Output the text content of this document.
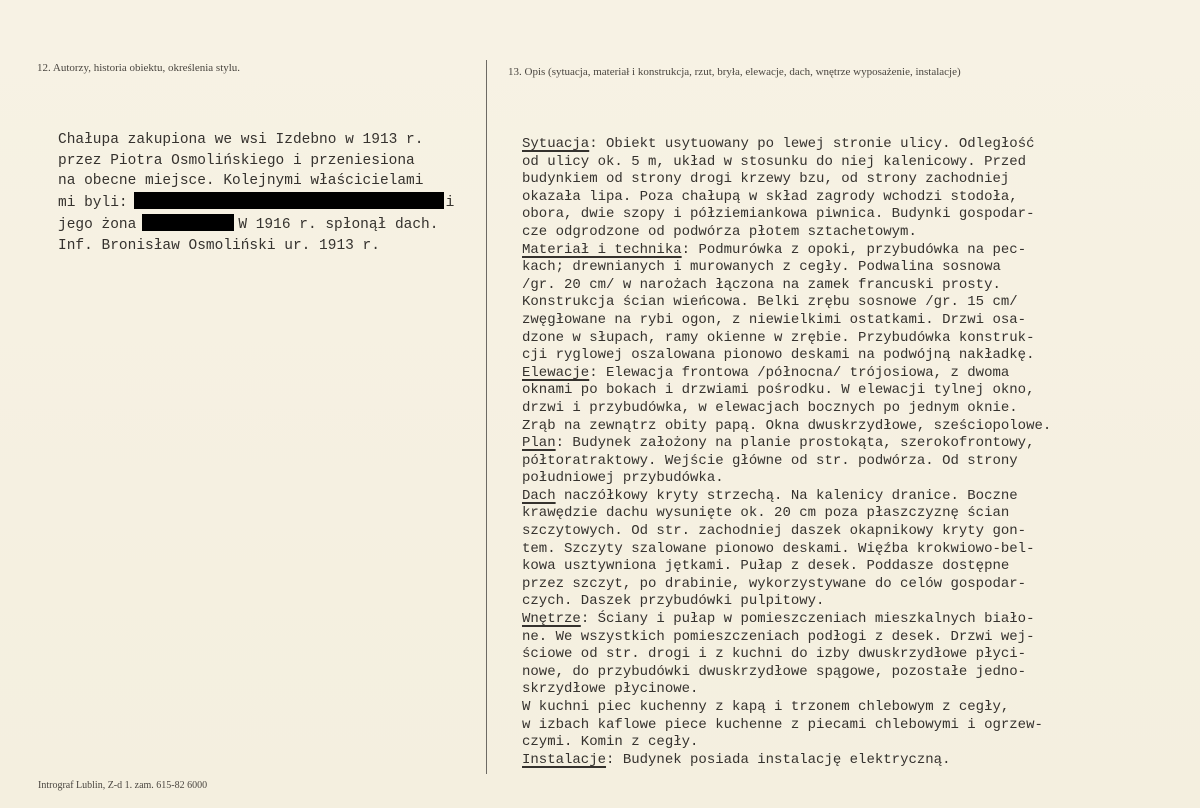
12. Autorzy, historia obiektu, określenia stylu.	13. Opis (sytuacja, materiał i konstrukcja, rzut, bryła, elewacje, dach, wnętrze wyposażenie, instalacje)
Chałupa zakupiona we wsi Izdebno w 1913 r.
przez Piotra Osmolińskiego i przeniesiona
na obecne miejsce. Kolejnymi właścicielami
mi byli:	i
jego żona	W 1916 r. spłonął dach.
Inf. Bronisław Osmoliński ur. 1913 r.
Sytuacja: Obiekt usytuowany po lewej stronie ulicy. Odległość
od ulicy ok. 5 m, układ w stosunku do niej kalenicowy. Przed
budynkiem od strony drogi krzewy bzu, od strony zachodniej
okazała lipa. Poza chałupą w skład zagrody wchodzi stodoła,
obora, dwie szopy i półziemiankowa piwnica. Budynki gospodar-
cze odgrodzone od podwórza płotem sztachetowym.
Materiał i technika: Podmurówka z opoki, przybudówka na pec-
kach; drewnianych i murowanych z cegły. Podwalina sosnowa
/gr. 20 cm/ w narożach łączona na zamek francuski prosty.
Konstrukcja ścian wieńcowa. Belki zrębu sosnowe /gr. 15 cm/
zwęgłowane na rybi ogon, z niewielkimi ostatkami. Drzwi osa-
dzone w słupach, ramy okienne w zrębie. Przybudówka konstruk-
cji ryglowej oszalowana pionowo deskami na podwójną nakładkę.
Elewacje: Elewacja frontowa /północna/ trójosiowa, z dwoma
oknami po bokach i drzwiami pośrodku. W elewacji tylnej okno,
drzwi i przybudówka, w elewacjach bocznych po jednym oknie.
Zrąb na zewnątrz obity papą. Okna dwuskrzydłowe, sześciopolowe.
Plan: Budynek założony na planie prostokąta, szerokofrontowy,
półtoratraktowy. Wejście główne od str. podwórza. Od strony
południowej przybudówka.
Dach naczółkowy kryty strzechą. Na kalenicy dranice. Boczne
krawędzie dachu wysunięte ok. 20 cm poza płaszczyznę ścian
szczytowych. Od str. zachodniej daszek okapnikowy kryty gon-
tem. Szczyty szalowane pionowo deskami. Więźba krokwiowo-bel-
kowa usztywniona jętkami. Pułap z desek. Poddasze dostępne
przez szczyt, po drabinie, wykorzystywane do celów gospodar-
czych. Daszek przybudówki pulpitowy.
Wnętrze: Ściany i pułap w pomieszczeniach mieszkalnych biało-
ne. We wszystkich pomieszczeniach podłogi z desek. Drzwi wej-
ściowe od str. drogi i z kuchni do izby dwuskrzydłowe płyci-
nowe, do przybudówki dwuskrzydłowe spągowe, pozostałe jedno-
skrzydłowe płycinowe.
W kuchni piec kuchenny z kapą i trzonem chlebowym z cegły,
w izbach kaflowe piece kuchenne z piecami chlebowymi i ogrzew-
czymi. Komin z cegły.
Instalacje: Budynek posiada instalację elektryczną.
Intrograf Lublin, Z-d 1. zam. 615-82 6000
